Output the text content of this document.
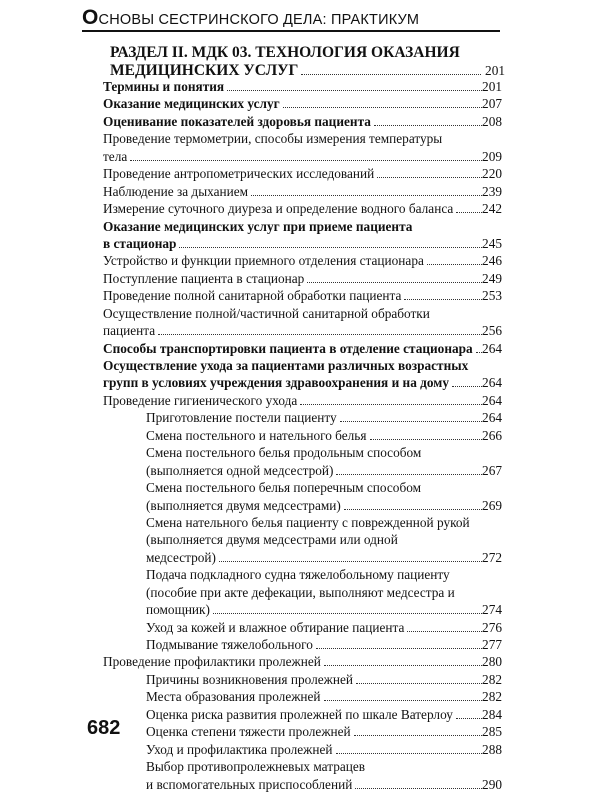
ОСНОВЫ СЕСТРИНСКОГО ДЕЛА: ПРАКТИКУМ
РАЗДЕЛ II. МДК 03. ТЕХНОЛОГИЯ ОКАЗАНИЯ
МЕДИЦИНСКИХ УСЛУГ	201
Термины и понятия	201
Оказание медицинских услуг	207
Оценивание показателей здоровья пациента	208
Проведение термометрии, способы измерения температуры
тела	209
Проведение антропометрических исследований	220
Наблюдение за дыханием	239
Измерение суточного диуреза и определение водного баланса 242
Оказание медицинских услуг при приеме пациента
в стационар	245
Устройство и функции приемного отделения стационара	246
Поступление пациента в стационар	249
Проведение полной санитарной обработки пациента	253
Осуществление полной/частичной санитарной обработки
пациента	256
Способы транспортировки пациента в отделение стационара 264
Осуществление ухода за пациентами различных возрастных
групп в условиях учреждения здравоохранения и на дому 264
Проведение гигиенического ухода	264
Приготовление постели пациенту	264
Смена постельного и нательного белья	266
Смена постельного белья продольным способом
(выполняется одной медсестрой)	267
Смена постельного белья поперечным способом
(выполняется двумя медсестрами)	269
Смена нательного белья пациенту с поврежденной рукой
(выполняется двумя медсестрами или одной
медсестрой)	272
Подача подкладного судна тяжелобольному пациенту
(пособие при акте дефекации, выполняют медсестра и
помощник)	274
Уход за кожей и влажное обтирание пациента	276
Подмывание тяжелобольного	277
Проведение профилактики пролежней	280
Причины возникновения пролежней	282
Места образования пролежней	282
Оценка риска развития пролежней по шкале Ватерлоу 284
Оценка степени тяжести пролежней	285
Уход и профилактика пролежней	288
Выбор противопролежневых матрацев
и вспомогательных приспособлений	290
682
